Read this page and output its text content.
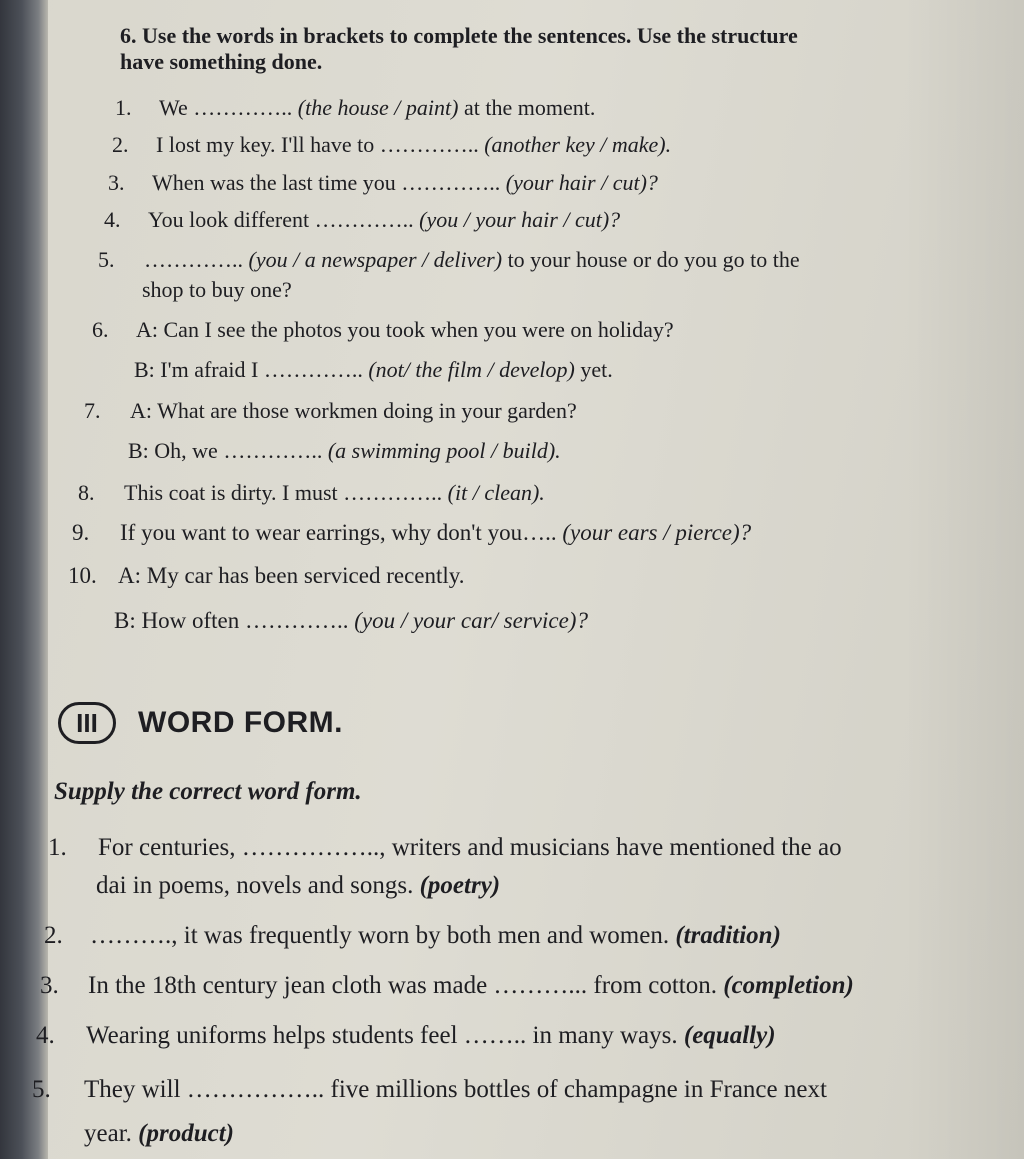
6. Use the words in brackets to complete the sentences. Use the structure
have something done.
1. We ………….. (the house / paint) at the moment.
2. I lost my key. I'll have to ………….. (another key / make).
3. When was the last time you ………….. (your hair / cut)?
4. You look different ………….. (you / your hair / cut)?
5. ………….. (you / a newspaper / deliver) to your house or do you go to the
shop to buy one?
6. A: Can I see the photos you took when you were on holiday?
B: I'm afraid I ………….. (not/ the film / develop) yet.
7. A: What are those workmen doing in your garden?
B: Oh, we ………….. (a swimming pool / build).
8. This coat is dirty. I must ………….. (it / clean).
9. If you want to wear earrings, why don't you….. (your ears / pierce)?
10. A: My car has been serviced recently.
B: How often ………….. (you / your car/ service)?
III	WORD FORM.
Supply the correct word form.
1. For centuries, …………….., writers and musicians have mentioned the ao
dai in poems, novels and songs. (poetry)
2. ………., it was frequently worn by both men and women. (tradition)
3. In the 18th century jean cloth was made ………... from cotton. (completion)
4. Wearing uniforms helps students feel …….. in many ways. (equally)
5. They will …………….. five millions bottles of champagne in France next
year. (product)
